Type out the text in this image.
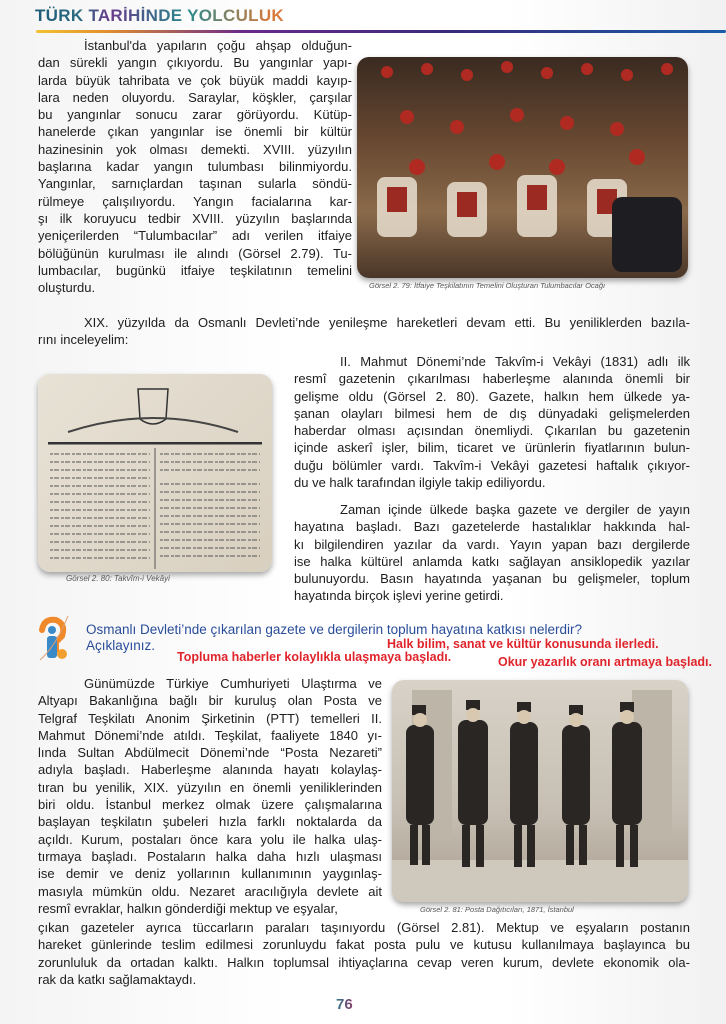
TÜRK TARİHİNDE YOLCULUK
İstanbul'da yapıların çoğu ahşap olduğun-
dan sürekli yangın çıkıyordu. Bu yangınlar yapı-
larda büyük tahribata ve çok büyük maddi kayıp-
lara neden oluyordu. Saraylar, köşkler, çarşılar
bu yangınlar sonucu zarar görüyordu. Kütüp-
hanelerde çıkan yangınlar ise önemli bir kültür
hazinesinin yok olması demekti. XVIII. yüzyılın
başlarına kadar yangın tulumbası bilinmiyordu.
Yangınlar, sarnıçlardan taşınan sularla söndü-
rülmeye çalışılıyordu. Yangın facialarına kar-
şı ilk koruyucu tedbir XVIII. yüzyılın başlarında
yeniçerilerden “Tulumbacılar” adı verilen itfaiye
bölüğünün kurulması ile alındı (Görsel 2.79). Tu-
lumbacılar, bugünkü itfaiye teşkilatının temelini
oluşturdu.
XIX. yüzyılda da Osmanlı Devleti’nde yenileşme hareketleri devam etti. Bu yeniliklerden bazıla-
rını inceleyelim:
II. Mahmut Dönemi’nde Takvîm-i Vekâyi (1831) adlı ilk
resmî gazetenin çıkarılması haberleşme alanında önemli bir
gelişme oldu (Görsel 2. 80). Gazete, halkın hem ülkede ya-
şanan olayları bilmesi hem de dış dünyadaki gelişmelerden
haberdar olması açısından önemliydi. Çıkarılan bu gazetenin
içinde askerî işler, bilim, ticaret ve ürünlerin fiyatlarının bulun-
duğu bölümler vardı. Takvîm-i Vekâyi gazetesi haftalık çıkıyor-
du ve halk tarafından ilgiyle takip ediliyordu.
Zaman içinde ülkede başka gazete ve dergiler de yayın
hayatına başladı. Bazı gazetelerde hastalıklar hakkında hal-
kı bilgilendiren yazılar da vardı. Yayın yapan bazı dergilerde
ise halka kültürel anlamda katkı sağlayan ansiklopedik yazılar
bulunuyordu. Basın hayatında yaşanan bu gelişmeler, toplum
hayatında birçok işlevi yerine getirdi.
Günümüzde Türkiye Cumhuriyeti Ulaştırma ve
Altyapı Bakanlığına bağlı bir kuruluş olan Posta ve
Telgraf Teşkilatı Anonim Şirketinin (PTT) temelleri II.
Mahmut Dönemi’nde atıldı. Teşkilat, faaliyete 1840 yı-
lında Sultan Abdülmecit Dönemi’nde “Posta Nezareti”
adıyla başladı. Haberleşme alanında hayatı kolaylaş-
tıran bu yenilik, XIX. yüzyılın en önemli yeniliklerinden
biri oldu. İstanbul merkez olmak üzere çalışmalarına
başlayan teşkilatın şubeleri hızla farklı noktalarda da
açıldı. Kurum, postaları önce kara yolu ile halka ulaş-
tırmaya başladı. Postaların halka daha hızlı ulaşması
ise demir ve deniz yollarının kullanımının yaygınlaş-
masıyla mümkün oldu. Nezaret aracılığıyla devlete ait
resmî evraklar, halkın gönderdiği mektup ve eşyalar,
çıkan gazeteler ayrıca tüccarların paraları taşınıyordu (Görsel 2.81). Mektup ve eşyaların postanın
hareket günlerinde teslim edilmesi zorunluydu fakat posta pulu ve kutusu kullanılmaya başlayınca bu
zorunluluk da ortadan kalktı. Halkın toplumsal ihtiyaçlarına cevap veren kurum, devlete ekonomik ola-
rak da katkı sağlamaktaydı.
Görsel 2. 79: İtfaiye Teşkilatının Temelini Oluşturan Tulumbacılar Ocağı
Görsel 2. 80: Takvîm-i Vekâyi
Osmanlı Devleti’nde çıkarılan gazete ve dergilerin toplum hayatına katkısı nelerdir?
Açıklayınız.	Halk bilim, sanat ve kültür konusunda ilerledi.
Topluma haberler kolaylıkla ulaşmaya başladı.	Okur yazarlık oranı artmaya başladı.
Görsel 2. 81: Posta Dağıtıcıları, 1871, İstanbul
76
